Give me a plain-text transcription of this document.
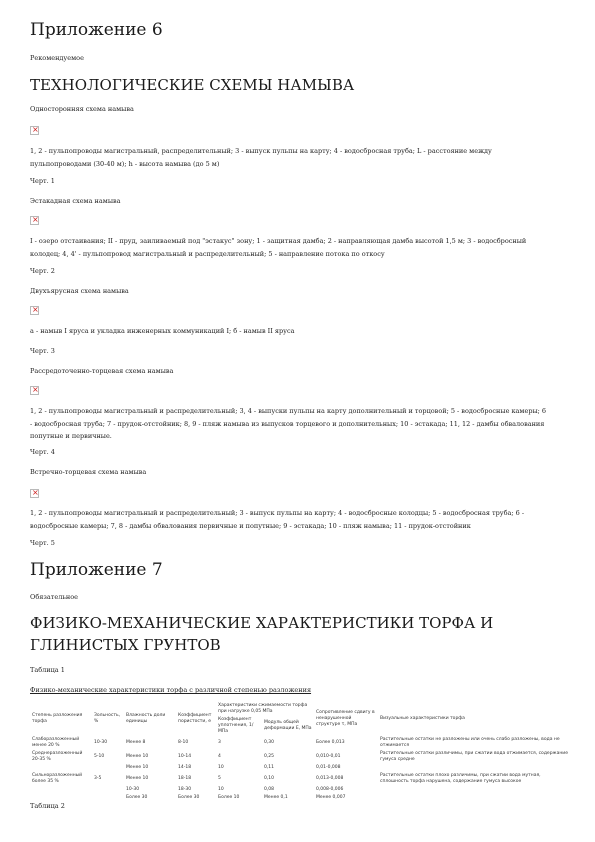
Приложение 6
Рекомендуемое
ТЕХНОЛОГИЧЕСКИЕ СХЕМЫ НАМЫВА
Односторонняя схема намыва
×
1, 2 - пульпопроводы магистральный, распределительный; 3 - выпуск пульпы на карту; 4 - водосбросная труба; L - расстояние между пульпопроводами (30-40 м); h - высота намыва (до 5 м)
Черт. 1
Эстакадная схема намыва
×
I - озеро отстаивания; II - пруд, заиливаемый под "эстакус" зону; 1 - защитная дамба; 2 - направляющая дамба высотой 1,5 м; 3 - водосбросный колодец; 4, 4' - пульпопровод магистральный и распределительный; 5 - направление потока по откосу
Черт. 2
Двухъярусная схема намыва
×
а - намыв I яруса и укладка инженерных коммуникаций I; б - намыв II яруса
Черт. 3
Рассредоточенно-торцевая схема намыва
×
1, 2 - пульпопроводы магистральный и распределительный; 3, 4 - выпуски пульпы на карту дополнительный и торцовой; 5 - водосбросные камеры; 6 - водосбросная труба; 7 - прудок-отстойник; 8, 9 - пляж намыва из выпусков торцевого и дополнительных; 10 - эстакада; 11, 12 - дамбы обвалования попутные и первичные.
Черт. 4
Встречно-торцевая схема намыва
×
1, 2 - пульпопроводы магистральный и распределительный; 3 - выпуск пульпы на карту; 4 - водосбросные колодцы; 5 - водосбросная труба; 6 - водосбросные камеры; 7, 8 - дамбы обвалования первичные и попутные; 9 - эстакада; 10 - пляж намыва; 11 - прудок-отстойник
Черт. 5
Приложение 7
Обязательное
ФИЗИКО-МЕХАНИЧЕСКИЕ ХАРАКТЕРИСТИКИ ТОРФА И ГЛИНИСТЫХ ГРУНТОВ
Таблица 1
Физико-механические характеристики торфа с различной степенью разложения
Степень разложения торфа	Зольность, %	Влажность доли единицы	Коэффициент пористости, e	Характеристики сжимаемости торфа при нагрузке 0,05 МПа		Сопротивление сдвигу в ненарушенной структуре τ, МПа	Визуальные характеристики торфа
				Коэффициент уплотнения, 1/МПа	Модуль общей деформации E, МПа		
Слаборазложенный менее 20 %	10-30	Менее 8	8-10	3	0,30	Более 0,013	Растительные остатки не разложены или очень слабо разложены, вода не отжимается
Среднеразложенный 20-35 %	5-10	Менее 10	10-14	4	0,25	0,010-0,01	Растительные остатки различимы, при сжатии вода отжимается, содержание гумуса средне
		Менее 10	14-18	10	0,11	0,01-0,008	
Сильноразложенный более 35 %	3-5	Менее 10	18-18	5	0,10	0,013-0,008	Растительные остатки плохо различимы, при сжатии вода мутная, сплошность торфа нарушена, содержание гумуса высокое
		10-30	18-30	10	0,08	0,008-0,006	
		Более 30	Более 30	Более 10	Менее 0,1	Менее 0,007	
Таблица 2
